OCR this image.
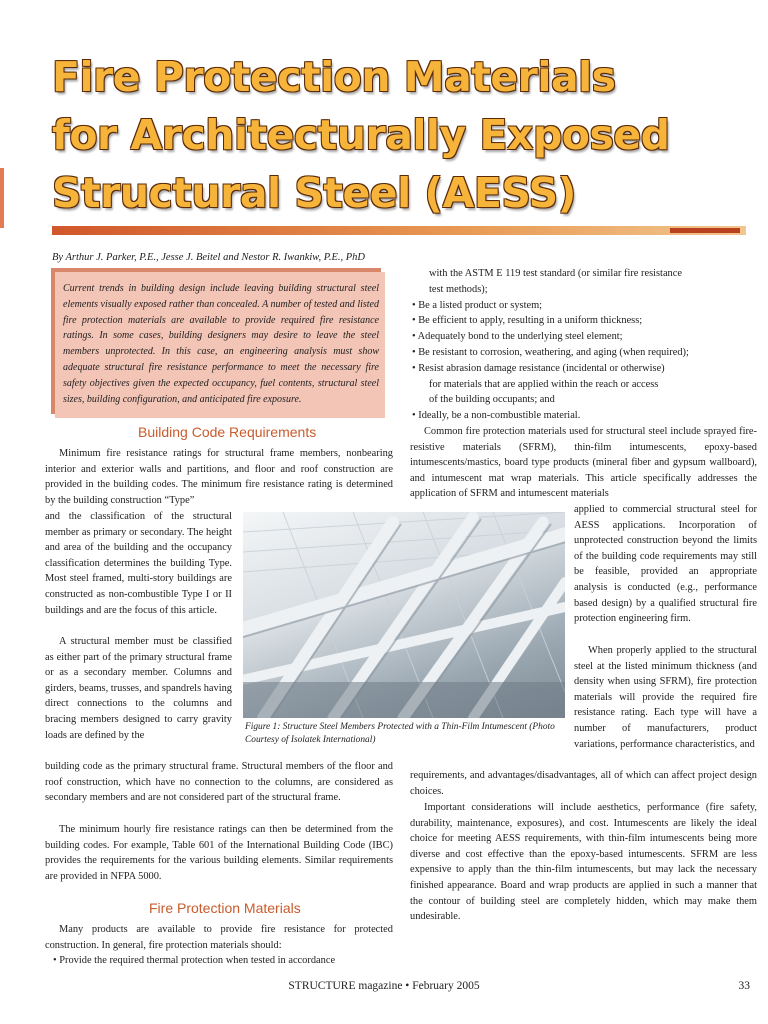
Fire Protection Materials
for Architecturally Exposed
Structural Steel (AESS)
By Arthur J. Parker, P.E., Jesse J. Beitel and Nestor R. Iwankiw, P.E., PhD
Current trends in building design include leaving building structural steel elements visually exposed rather than concealed. A number of tested and listed fire protection materials are available to provide required fire resistance ratings. In some cases, building designers may desire to leave the steel members unprotected. In this case, an engineering analysis must show adequate structural fire resistance performance to meet the necessary fire safety objectives given the expected occupancy, fuel contents, structural steel sizes, building configuration, and anticipated fire exposure.
Building Code Requirements

Minimum fire resistance ratings for structural frame members, nonbearing interior and exterior walls and partitions, and floor and roof construction are provided in the building codes. The minimum fire resistance rating is determined by the building construction “Type”

and the classification of the structural member as primary or secondary. The height and area of the building and the occupancy classification determines the building Type. Most steel framed, multi-story buildings are constructed as non-combustible Type I or II buildings and are the focus of this article.

A structural member must be classified as either part of the primary structural frame or as a secondary member. Columns and girders, beams, trusses, and spandrels having direct connections to the columns and bracing members designed to carry gravity loads are defined by the

building code as the primary structural frame. Structural members of the floor and roof construction, which have no connection to the columns, are considered as secondary members and are not considered part of the structural frame.

The minimum hourly fire resistance ratings can then be determined from the building codes. For example, Table 601 of the International Building Code (IBC) provides the requirements for the various building elements. Similar requirements are provided in NFPA 5000.

Fire Protection Materials

Many products are available to provide fire resistance for protected construction. In general, fire protection materials should:

• Provide the required thermal protection when tested in accordance

with the ASTM E 119 test standard (or similar fire resistance
test methods);
• Be a listed product or system;
• Be efficient to apply, resulting in a uniform thickness;
• Adequately bond to the underlying steel element;
• Be resistant to corrosion, weathering, and aging (when required);
• Resist abrasion damage resistance (incidental or otherwise)
for materials that are applied within the reach or access
of the building occupants; and
• Ideally, be a non-combustible material.

Common fire protection materials used for structural steel include sprayed fire-resistive materials (SFRM), thin-film intumescents, epoxy-based intumescents/mastics, board type products (mineral fiber and gypsum wallboard), and intumescent mat wrap materials. This article specifically addresses the application of SFRM and intumescent materials

applied to commercial structural steel for AESS applications. Incorporation of unprotected construction beyond the limits of the building code requirements may still be feasible, provided an appropriate analysis is conducted (e.g., performance based design) by a qualified structural fire protection engineering firm.

When properly applied to the structural steel at the listed minimum thickness (and density when using SFRM), fire protection materials will provide the required fire resistance rating. Each type will have a number of manufacturers, product variations, performance characteristics, and

requirements, and advantages/disadvantages, all of which can affect project design choices.

Important considerations will include aesthetics, performance (fire safety, durability, maintenance, exposures), and cost. Intumescents are likely the ideal choice for meeting AESS requirements, with thin-film intumescents being more diverse and cost effective than the epoxy-based intumescents. SFRM are less expensive to apply than the thin-film intumescents, but may lack the necessary finished appearance. Board and wrap products are applied in such a manner that the contour of building steel are completely hidden, which may make them undesirable.

Figure 1: Structure Steel Members Protected with a Thin-Film Intumescent (Photo Courtesy of Isolatek International)
STRUCTURE magazine • February 2005	33
